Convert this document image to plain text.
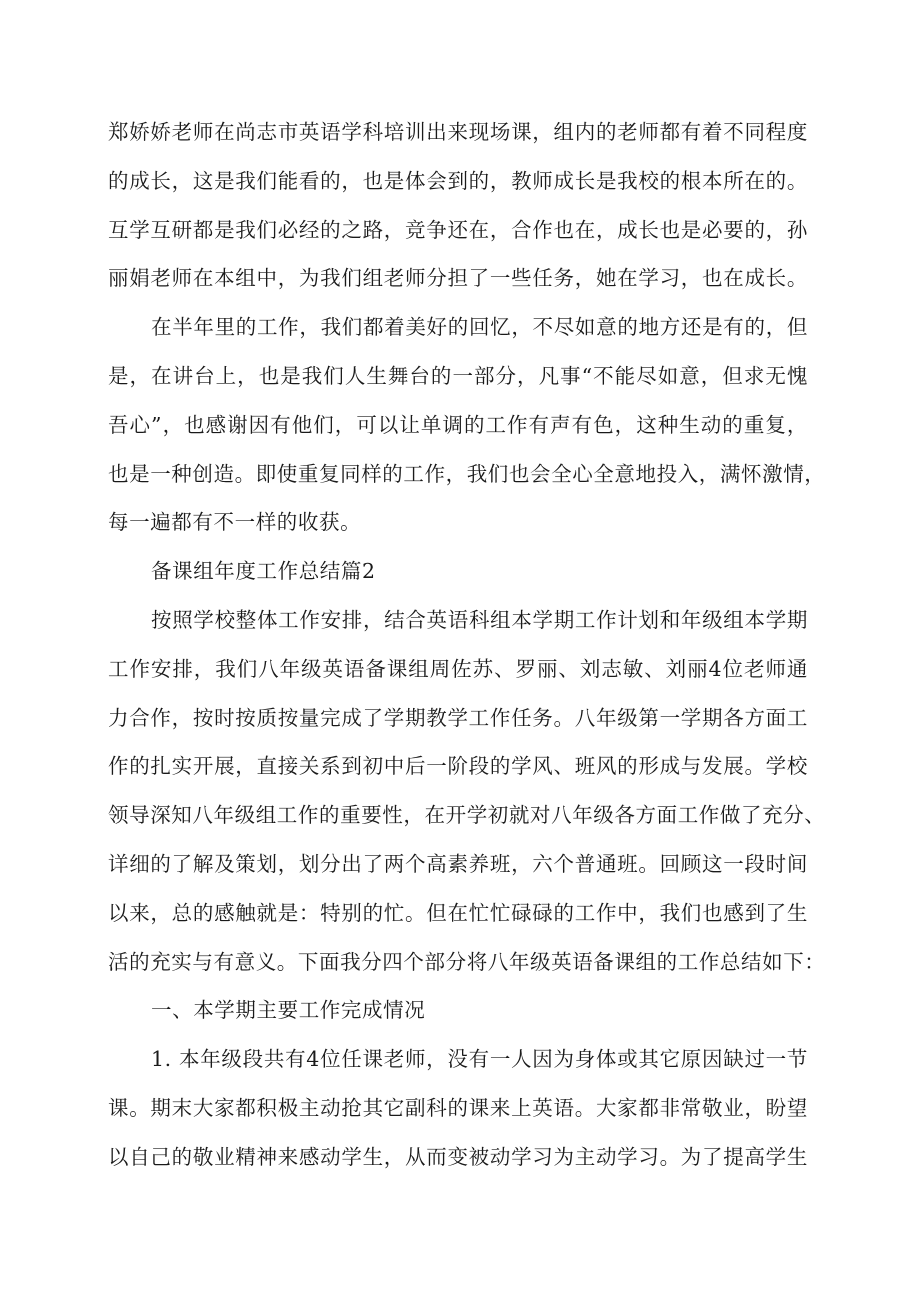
郑娇娇老师在尚志市英语学科培训出来现场课，组内的老师都有着不同程度
的成长，这是我们能看的，也是体会到的，教师成长是我校的根本所在的。
互学互研都是我们必经的之路，竞争还在，合作也在，成长也是必要的，孙
丽娟老师在本组中，为我们组老师分担了一些任务，她在学习，也在成长。
在半年里的工作，我们都着美好的回忆，不尽如意的地方还是有的，但
是，在讲台上，也是我们人生舞台的一部分，凡事“不能尽如意，但求无愧
吾心”，也感谢因有他们，可以让单调的工作有声有色，这种生动的重复，
也是一种创造。即使重复同样的工作，我们也会全心全意地投入，满怀激情，
每一遍都有不一样的收获。
备课组年度工作总结篇2
按照学校整体工作安排，结合英语科组本学期工作计划和年级组本学期
工作安排，我们八年级英语备课组周佐苏、罗丽、刘志敏、刘丽4位老师通
力合作，按时按质按量完成了学期教学工作任务。八年级第一学期各方面工
作的扎实开展，直接关系到初中后一阶段的学风、班风的形成与发展。学校
领导深知八年级组工作的重要性，在开学初就对八年级各方面工作做了充分、
详细的了解及策划，划分出了两个高素养班，六个普通班。回顾这一段时间
以来，总的感触就是：特别的忙。但在忙忙碌碌的工作中，我们也感到了生
活的充实与有意义。下面我分四个部分将八年级英语备课组的工作总结如下：
一、本学期主要工作完成情况
1. 本年级段共有4位任课老师，没有一人因为身体或其它原因缺过一节
课。期末大家都积极主动抢其它副科的课来上英语。大家都非常敬业，盼望
以自己的敬业精神来感动学生，从而变被动学习为主动学习。为了提高学生
